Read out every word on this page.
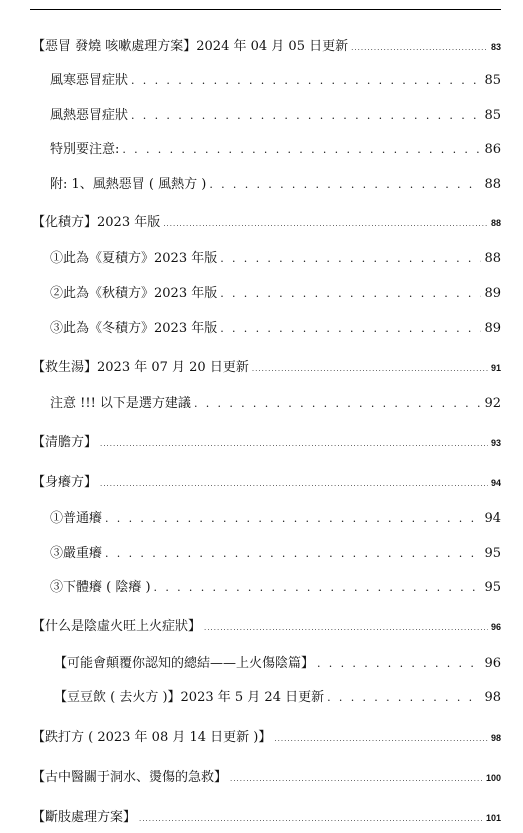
【惡冒 發燒 咳嗽處理方案】2024 年 04 月 05 日更新 . . .	83
風寒惡冒症狀 . . .	85
風熱惡冒症狀 . . .	85
特別要注意: . . .	86
附: 1、風熱惡冒 ( 風熱方 ) . . .	88
【化積方】2023 年版 . . .	88
①此為《夏積方》2023 年版 . . .	88
②此為《秋積方》2023 年版 . . .	89
③此為《冬積方》2023 年版 . . .	89
【救生湯】2023 年 07 月 20 日更新 . . .	91
注意 !!! 以下是選方建議 . . .	92
【清膽方】 . . .	93
【身癢方】 . . .	94
①普通癢 . . .	94
③嚴重癢 . . .	95
③下體癢 ( 陰癢 ) . . .	95
【什么是陰虛火旺上火症狀】 . . .	96
【可能會顛覆你認知的總結——上火傷陰篇】 . . .	96
【豆豆飲 ( 去火方 )】2023 年 5 月 24 日更新 . . .	98
【跌打方 ( 2023 年 08 月 14 日更新 )】 . . .	98
【古中醫關于洞水、燙傷的急救】 . . .	100
【斷肢處理方案】 . . .	101
